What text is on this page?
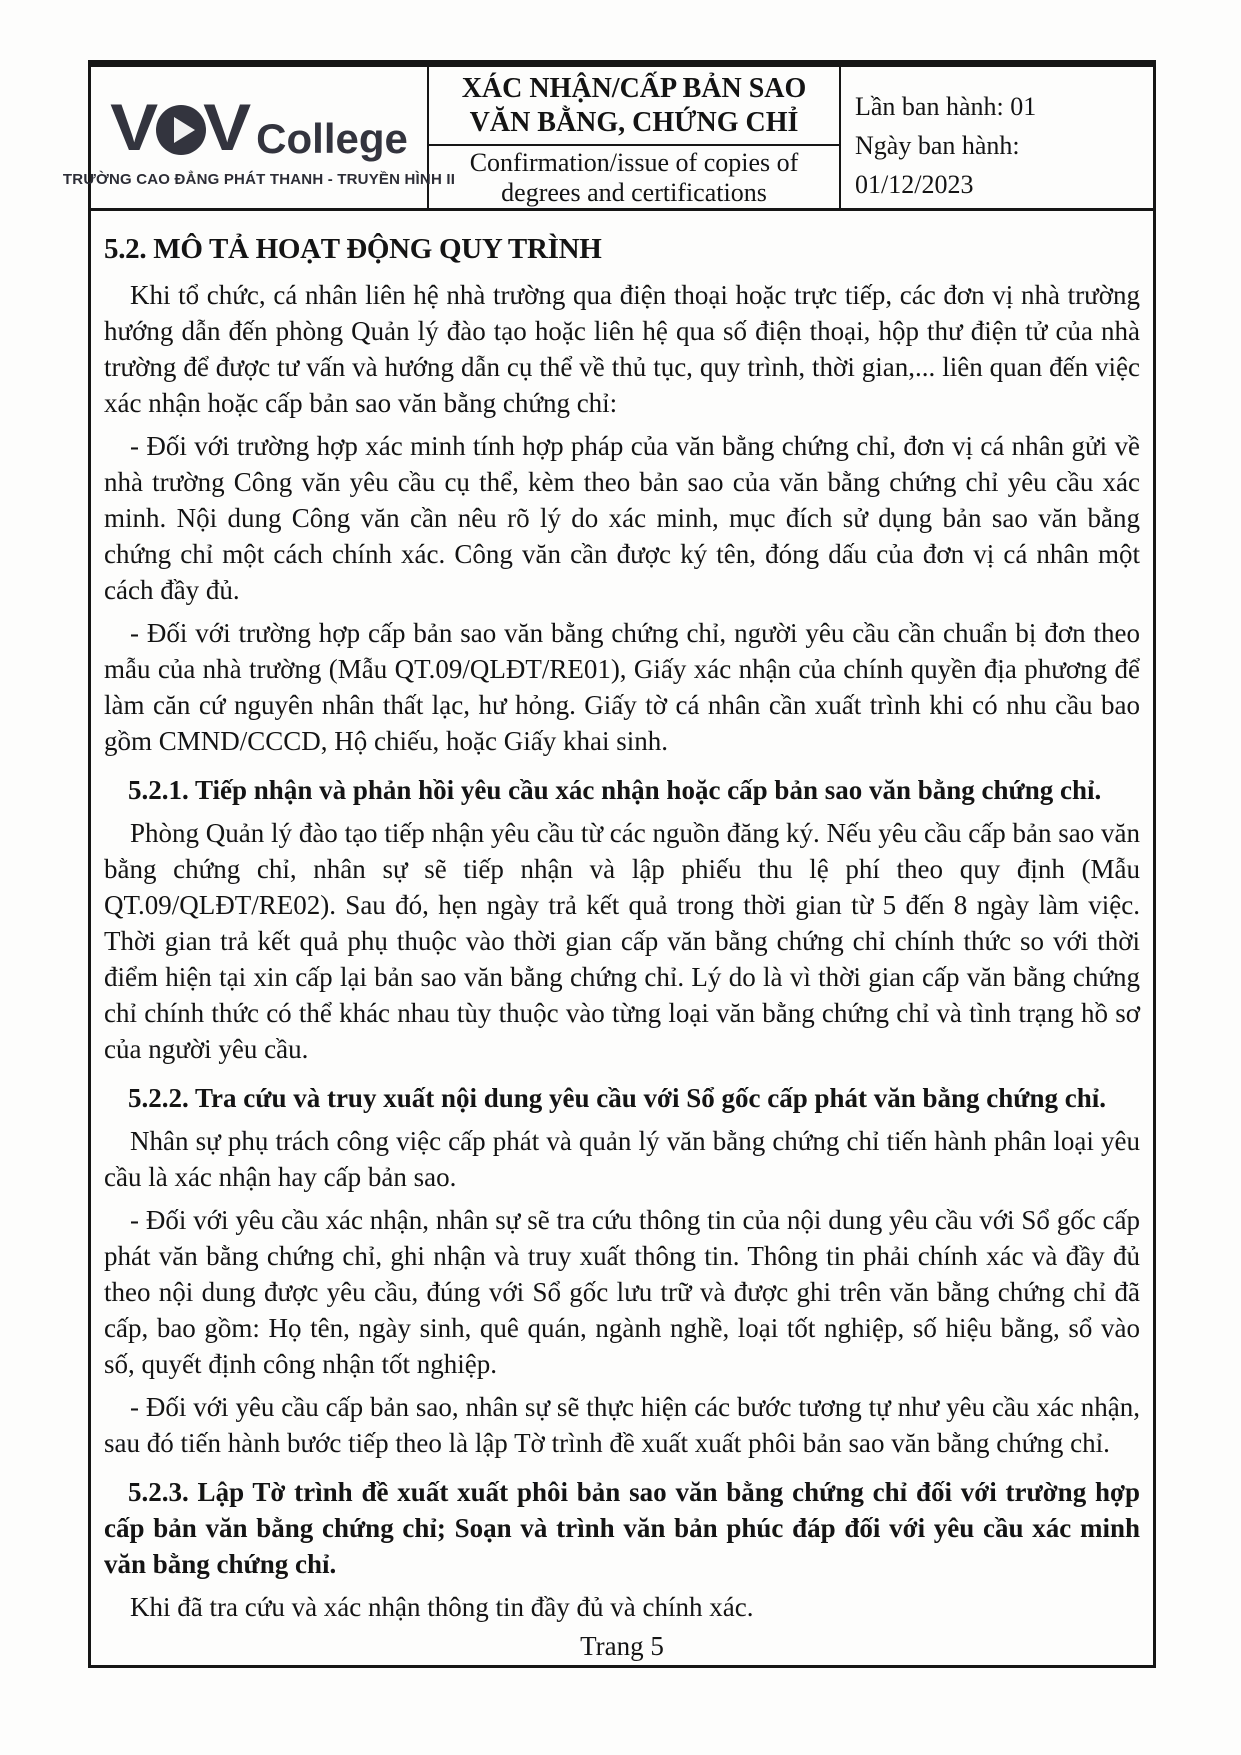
V V College
TRƯỜNG CAO ĐẲNG PHÁT THANH - TRUYỀN HÌNH II
XÁC NHẬN/CẤP BẢN SAO
VĂN BẰNG, CHỨNG CHỈ
Confirmation/issue of copies of degrees and certifications
Lần ban hành: 01
Ngày ban hành: 01/12/2023
5.2. MÔ TẢ HOẠT ĐỘNG QUY TRÌNH
Khi tổ chức, cá nhân liên hệ nhà trường qua điện thoại hoặc trực tiếp, các đơn vị nhà trường hướng dẫn đến phòng Quản lý đào tạo hoặc liên hệ qua số điện thoại, hộp thư điện tử của nhà trường để được tư vấn và hướng dẫn cụ thể về thủ tục, quy trình, thời gian,... liên quan đến việc xác nhận hoặc cấp bản sao văn bằng chứng chỉ:
- Đối với trường hợp xác minh tính hợp pháp của văn bằng chứng chỉ, đơn vị cá nhân gửi về nhà trường Công văn yêu cầu cụ thể, kèm theo bản sao của văn bằng chứng chỉ yêu cầu xác minh. Nội dung Công văn cần nêu rõ lý do xác minh, mục đích sử dụng bản sao văn bằng chứng chỉ một cách chính xác. Công văn cần được ký tên, đóng dấu của đơn vị cá nhân một cách đầy đủ.
- Đối với trường hợp cấp bản sao văn bằng chứng chỉ, người yêu cầu cần chuẩn bị đơn theo mẫu của nhà trường (Mẫu QT.09/QLĐT/RE01), Giấy xác nhận của chính quyền địa phương để làm căn cứ nguyên nhân thất lạc, hư hỏng. Giấy tờ cá nhân cần xuất trình khi có nhu cầu bao gồm CMND/CCCD, Hộ chiếu, hoặc Giấy khai sinh.
5.2.1. Tiếp nhận và phản hồi yêu cầu xác nhận hoặc cấp bản sao văn bằng chứng chỉ.
Phòng Quản lý đào tạo tiếp nhận yêu cầu từ các nguồn đăng ký. Nếu yêu cầu cấp bản sao văn bằng chứng chỉ, nhân sự sẽ tiếp nhận và lập phiếu thu lệ phí theo quy định (Mẫu QT.09/QLĐT/RE02). Sau đó, hẹn ngày trả kết quả trong thời gian từ 5 đến 8 ngày làm việc. Thời gian trả kết quả phụ thuộc vào thời gian cấp văn bằng chứng chỉ chính thức so với thời điểm hiện tại xin cấp lại bản sao văn bằng chứng chỉ. Lý do là vì thời gian cấp văn bằng chứng chỉ chính thức có thể khác nhau tùy thuộc vào từng loại văn bằng chứng chỉ và tình trạng hồ sơ của người yêu cầu.
5.2.2. Tra cứu và truy xuất nội dung yêu cầu với Sổ gốc cấp phát văn bằng chứng chỉ.
Nhân sự phụ trách công việc cấp phát và quản lý văn bằng chứng chỉ tiến hành phân loại yêu cầu là xác nhận hay cấp bản sao.
- Đối với yêu cầu xác nhận, nhân sự sẽ tra cứu thông tin của nội dung yêu cầu với Sổ gốc cấp phát văn bằng chứng chỉ, ghi nhận và truy xuất thông tin. Thông tin phải chính xác và đầy đủ theo nội dung được yêu cầu, đúng với Sổ gốc lưu trữ và được ghi trên văn bằng chứng chỉ đã cấp, bao gồm: Họ tên, ngày sinh, quê quán, ngành nghề, loại tốt nghiệp, số hiệu bằng, sổ vào số, quyết định công nhận tốt nghiệp.
- Đối với yêu cầu cấp bản sao, nhân sự sẽ thực hiện các bước tương tự như yêu cầu xác nhận, sau đó tiến hành bước tiếp theo là lập Tờ trình đề xuất xuất phôi bản sao văn bằng chứng chỉ.
5.2.3. Lập Tờ trình đề xuất xuất phôi bản sao văn bằng chứng chỉ đối với trường hợp cấp bản văn bằng chứng chỉ; Soạn và trình văn bản phúc đáp đối với yêu cầu xác minh văn bằng chứng chỉ.
Khi đã tra cứu và xác nhận thông tin đầy đủ và chính xác.
Trang 5
